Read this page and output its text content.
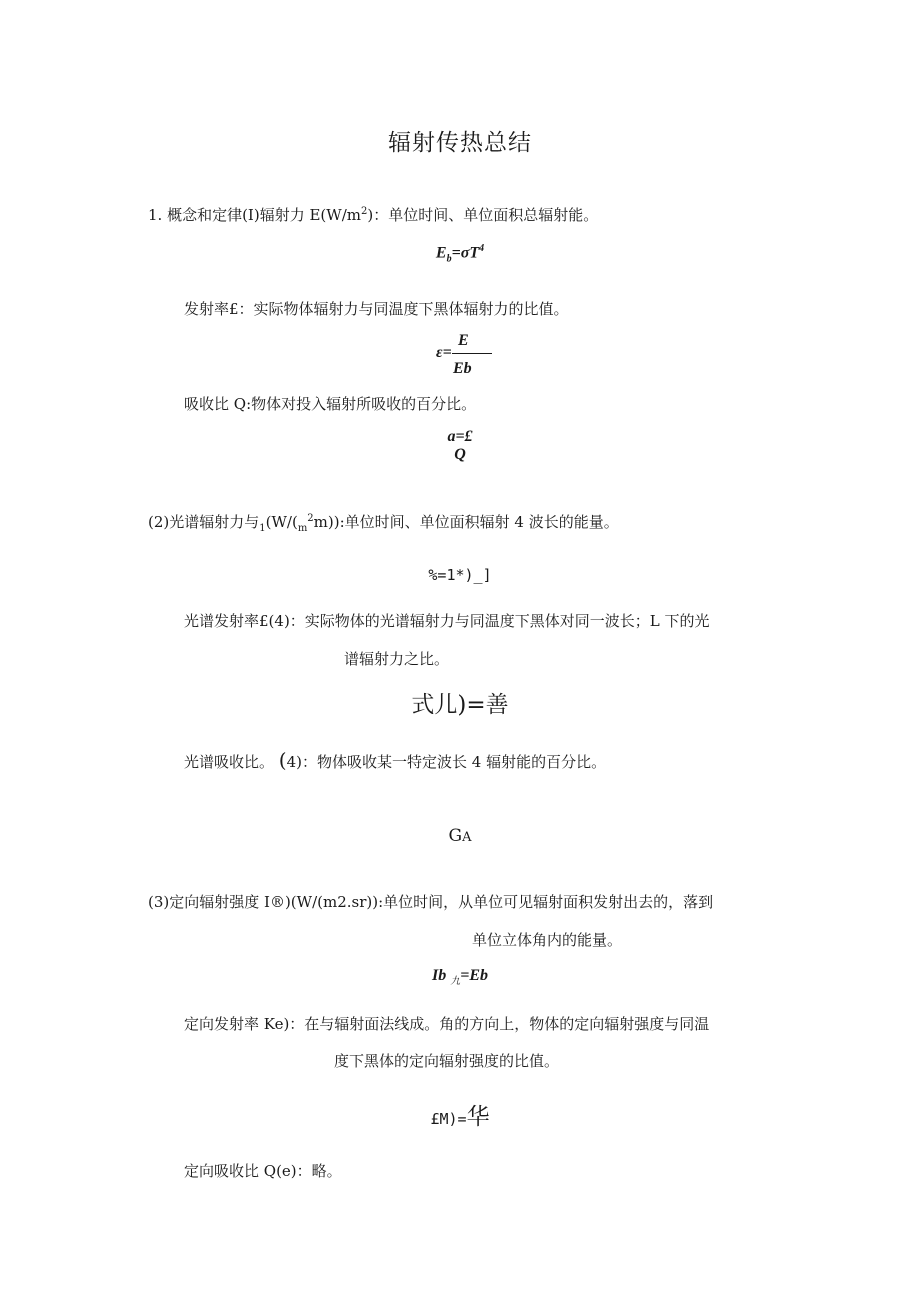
辐射传热总结
1. 概念和定律(I)辐射力 $E(W/m^2)$：单位时间、单位面积总辐射能。
$E_b=\sigma T^4$
发射率£：实际物体辐射力与同温度下黑体辐射力的比值。
ε=
E
Eb
吸收比 Q:物体对投入辐射所吸收的百分比。
a=£
Q
(2)光谱辐射力与$_1(W/(_m^2m))$:单位时间、单位面积辐射 4 波长的能量。
%=1*)_]
光谱发射率£(4)：实际物体的光谱辐射力与同温度下黑体对同一波长；L 下的光
谱辐射力之比。
式儿)=善
光谱吸收比。 (4)：物体吸收某一特定波长 4 辐射能的百分比。
GA
(3)定向辐射强度 I®)(W/(m2.sr)):单位时间，从单位可见辐射面积发射出去的，落到
单位立体角内的能量。
Ib $_九$=Eb
定向发射率 Ke)：在与辐射面法线成。角的方向上，物体的定向辐射强度与同温
度下黑体的定向辐射强度的比值。
£M)=华
定向吸收比 Q(e)：略。
